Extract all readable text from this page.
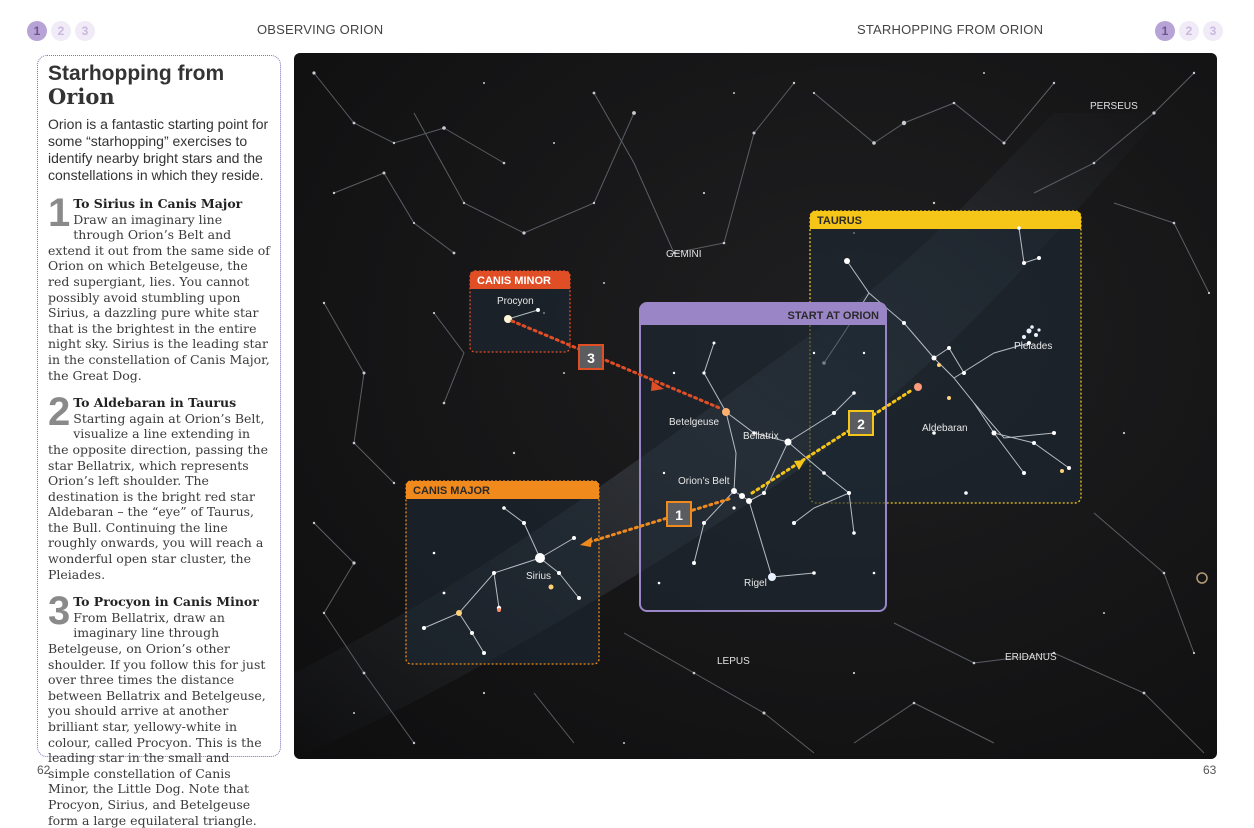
1	2	3	OBSERVING ORION	STARHOPPING FROM ORION	1	2	3
Starhopping from
Orion

Orion is a fantastic starting point for some “starhopping” exercises to identify nearby bright stars and the constellations in which they reside.

1 To Sirius in Canis Major Draw an imaginary line through Orion’s Belt and extend it out from the same side of Orion on which Betelgeuse, the red supergiant, lies. You cannot possibly avoid stumbling upon Sirius, a dazzling pure white star that is the brightest in the entire night sky. Sirius is the leading star in the constellation of Canis Major, the Great Dog.

2 To Aldebaran in Taurus Starting again at Orion’s Belt, visualize a line extending in the opposite direction, passing the star Bellatrix, which represents Orion’s left shoulder. The destination is the bright red star Aldebaran – the “eye” of Taurus, the Bull. Continuing the line roughly onwards, you will reach a wonderful open star cluster, the Pleiades.

3 To Procyon in Canis Minor From Bellatrix, draw an imaginary line through Betelgeuse, on Orion’s other shoulder. If you follow this for just over three times the distance between Bellatrix and Betelgeuse, you should arrive at another brilliant star, yellowy-white in colour, called Procyon. This is the leading star in the small and simple constellation of Canis Minor, the Little Dog. Note that Procyon, Sirius, and Betelgeuse form a large equilateral triangle.

TAURUS
Pleiades
Aldebaran
CANIS MINOR
Procyon
CANIS MAJOR
Sirius
START AT ORION
Betelgeuse
Bellatrix
Orion’s Belt
Rigel
1
2
3
PERSEUS
GEMINI
LEPUS	ERIDANUS
62	63
